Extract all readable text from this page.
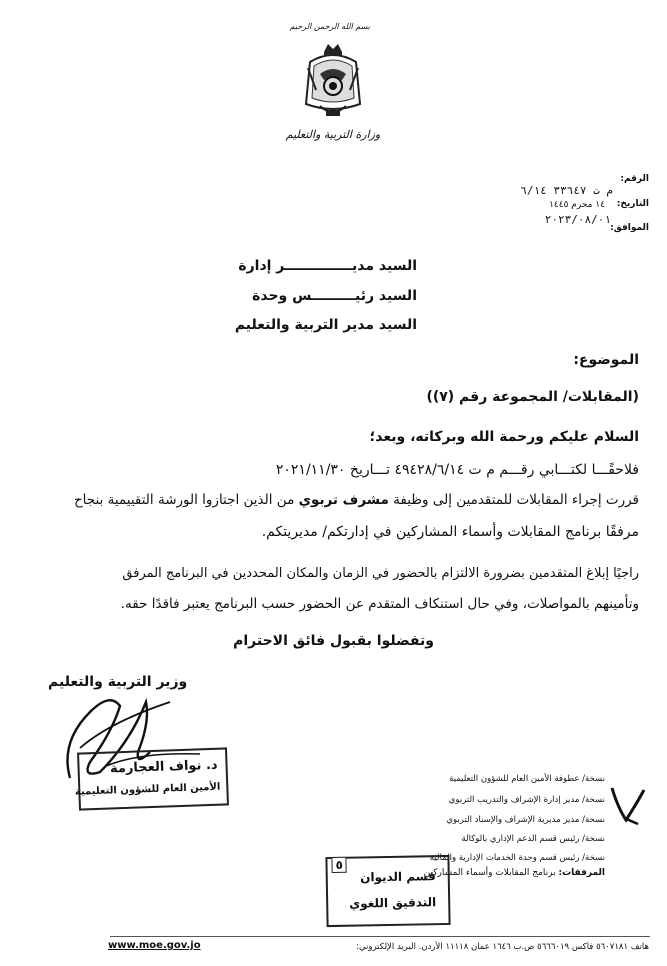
بسم الله الرحمن الرحيم
وزارة التربية والتعليم
الرقم:
م ت ٣٣٦٤٧ ٦/١٤
التاريخ:
١٤ محرم ١٤٤٥
الموافق:
٢٠٢٣/٠٨/٠١
السيد مديــــــــــــــر إدارة
السيد رئيـــــــــس وحدة
السيد مدير التربية والتعليم
الموضوع:
(المقابلات/ المجموعة رقم (٧))
السلام عليكم ورحمة الله وبركاته، وبعد؛
فلاحقًـــا لكتـــابي رقـــم م ت ٤٩٤٢٨/٦/١٤ تـــاريخ ٢٠٢١/١١/٣٠
قررت إجراء المقابلات للمتقدمين إلى وظيفة مشرف تربوي من الذين اجتازوا الورشة التقييمية بنجاح
مرفقًا برنامج المقابلات وأسماء المشاركين في إدارتكم/ مديريتكم.
راجيًا إبلاغ المتقدمين بضرورة الالتزام بالحضور في الزمان والمكان المحددين في البرنامج المرفق
وتأمينهم بالمواصلات، وفي حال استنكاف المتقدم عن الحضور حسب البرنامج يعتبر فاقدًا حقه.
وتفضلوا بقبول فائق الاحترام
وزير التربية والتعليم
د. نواف العجارمة
الأمين العام للشؤون التعليمية
نسخة/ عطوفة الأمين العام للشؤون التعليمية
نسخة/ مدير إدارة الإشراف والتدريب التربوي
نسخة/ مدير مديرية الإشراف والإسناد التربوي
نسخة/ رئيس قسم الدعم الإداري بالوكالة
نسخة/ رئيس قسم وحدة الخدمات الإدارية والمالية
المرفقات: برنامج المقابلات وأسماء المشاركين
قسم الديوان
التدقيق اللغوي
٥
هاتف ٥٦٠٧١٨١ فاكس ٥٦٦٦٠١٩ ص.ب ١٦٤٦ عمان ١١١١٨ الأردن. البريد الإلكتروني:
www.moe.gov.jo
